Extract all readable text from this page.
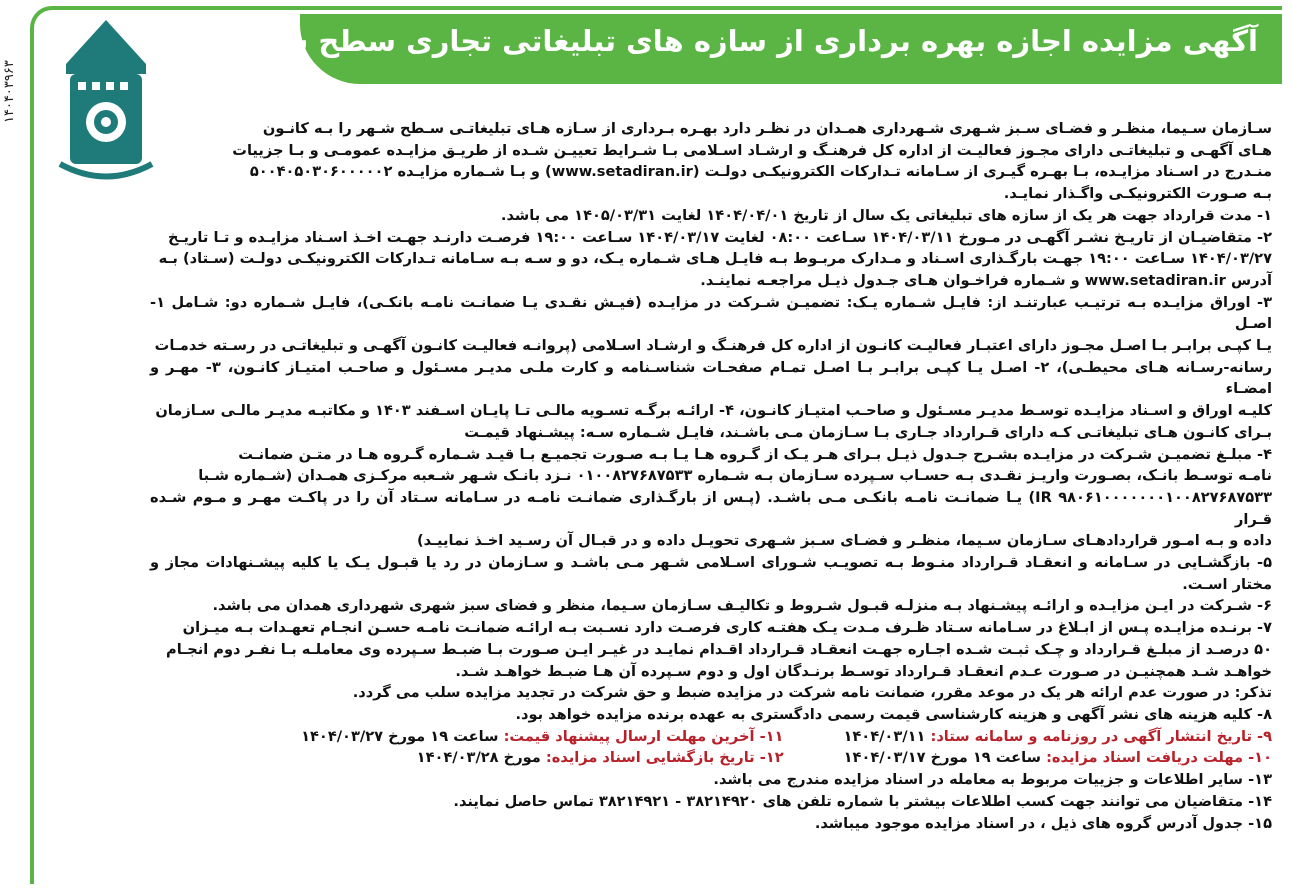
۱۴۰۴۰۳۹۶۳
آگهی مزایده اجازه بهره برداری از سازه های تبلیغاتی تجاری سطح شهر
سـازمان سـیما، منظـر و فضـای سـبز شـهری شـهرداری همـدان در نظـر دارد بهـره بـرداری از سـازه هـای تبلیغاتـی سـطح شـهر را بـه کانـون
هـای آگهـی و تبلیغاتـی دارای مجـوز فعالیـت از اداره کل فرهنـگ و ارشـاد اسـلامی بـا شـرایط تعییـن شـده از طریـق مزایـده عمومـی و بـا جزییات
منـدرج در اسـناد مزایـده، بـا بهـره گیـری از سـامانه تـدارکات الکترونیکـی دولـت (www.setadiran.ir) و بـا شـماره مزایـده ۵۰۰۴۰۵۰۳۰۶۰۰۰۰۰۲
بـه صـورت الکترونیکـی واگـذار نمایـد.
۱- مدت قرارداد جهت هر یک از سازه های تبلیغاتی یک سال از تاریخ ۱۴۰۴/۰۴/۰۱ لغایت ۱۴۰۵/۰۳/۳۱ می باشد.
۲- متقاضیـان از تاریـخ نشـر آگهـی در مـورخ ۱۴۰۴/۰۳/۱۱ سـاعت ۰۸:۰۰ لغایت ۱۴۰۴/۰۳/۱۷ سـاعت ۱۹:۰۰ فرصـت دارنـد جهـت اخـذ اسـناد مزایـده و تـا تاریـخ
۱۴۰۴/۰۳/۲۷ سـاعت ۱۹:۰۰ جهـت بارگـذاری اسـناد و مـدارک مربـوط بـه فایـل هـای شـماره یـک، دو و سـه بـه سـامانه تـدارکات الکترونیکـی دولـت (سـتاد) بـه
آدرس www.setadiran.ir و شـماره فراخـوان هـای جـدول ذیـل مراجعـه نماینـد.
۳- اوراق مزایـده بـه ترتیـب عبارتنـد از: فایـل شـماره یـک: تضمیـن شـرکت در مزایـده (فیـش نقـدی یـا ضمانـت نامـه بانکـی)، فایـل شـماره دو: شـامل ۱- اصـل
یـا کپـی برابـر بـا اصـل مجـوز دارای اعتبـار فعالیـت کانـون از اداره کل فرهنـگ و ارشـاد اسـلامی (پروانـه فعالیـت کانـون آگهـی و تبلیغاتـی در رسـته خدمـات
رسانه-رسـانه هـای محیطـی)، ۲- اصـل یـا کپـی برابـر بـا اصـل تمـام صفحـات شناسـنامه و کارت ملـی مدیـر مسـئول و صاحـب امتیـاز کانـون، ۳- مهـر و امضـاء
کلیـه اوراق و اسـناد مزایـده توسـط مدیـر مسـئول و صاحـب امتیـاز کانـون، ۴- ارائـه برگـه تسـویه مالـی تـا پایـان اسـفند ۱۴۰۳ و مکاتبـه مدیـر مالـی سـازمان
بـرای کانـون هـای تبلیغاتـی کـه دارای قـرارداد جـاری بـا سـازمان مـی باشـند، فایـل شـماره سـه: پیشـنهاد قیمـت
۴- مبلـغ تضمیـن شـرکت در مزایـده بشـرح جـدول ذیـل بـرای هـر یـک از گـروه هـا یـا بـه صـورت تجمیـع بـا قیـد شـماره گـروه هـا در متـن ضمانـت
نامـه توسـط بانـک، بصـورت واریـز نقـدی بـه حسـاب سـپرده سـازمان بـه شـماره ۰۱۰۰۸۲۷۶۸۷۵۳۳ نـزد بانـک شـهر شـعبه مرکـزی همـدان (شـماره شـبا
IR ۹۸۰۶۱۰۰۰۰۰۰۰۱۰۰۸۲۷۶۸۷۵۳۳) یـا ضمانـت نامـه بانکـی مـی باشـد. (پـس از بارگـذاری ضمانـت نامـه در سـامانه سـتاد آن را در پاکـت مهـر و مـوم شـده قـرار
داده و بـه امـور قراردادهـای سـازمان سـیما، منظـر و فضـای سـبز شـهری تحویـل داده و در قبـال آن رسـید اخـذ نماییـد)
۵- بازگشـایی در سـامانه و انعقـاد قـرارداد منـوط بـه تصویـب شـورای اسـلامی شـهر مـی باشـد و سـازمان در رد یا قبـول یـک یا کلیه پیشـنهادات مجاز و مختار اسـت.
۶- شـرکت در ایـن مزایـده و ارائـه پیشـنهاد بـه منزلـه قبـول شـروط و تکالیـف سـازمان سـیما، منظر و فضای سبز شهری شهرداری همدان می باشد.
۷- برنـده مزایـده پـس از ابـلاغ در سـامانه سـتاد ظـرف مـدت یـک هفتـه کاری فرصـت دارد نسـبت بـه ارائـه ضمانـت نامـه حسـن انجـام تعهـدات بـه میـزان
۵۰ درصـد از مبلـغ قـرارداد و چـک ثبـت شـده اجـاره جهـت انعقـاد قـرارداد اقـدام نمایـد در غیـر ایـن صـورت بـا ضبـط سـپرده وی معاملـه بـا نفـر دوم انجـام
خواهـد شـد همچنیـن در صـورت عـدم انعقـاد قـرارداد توسـط برنـدگان اول و دوم سـپرده آن هـا ضبـط خواهـد شـد.
تذکر: در صورت عدم ارائه هر یک در موعد مقرر، ضمانت نامه شرکت در مزایده ضبط و حق شرکت در تجدید مزایده سلب می گردد.
۸- کلیه هزینه های نشر آگهی و هزینه کارشناسی قیمت رسمی دادگستری به عهده برنده مزایده خواهد بود.
۹- تاریخ انتشار آگهی در روزنامه و سامانه ستاد: ۱۴۰۴/۰۳/۱۱
۱۱- آخرین مهلت ارسال پیشنهاد قیمت: ساعت ۱۹ مورخ ۱۴۰۴/۰۳/۲۷
۱۰- مهلت دریافت اسناد مزایده: ساعت ۱۹ مورخ ۱۴۰۴/۰۳/۱۷
۱۲- تاریخ بازگشایی اسناد مزایده: مورخ ۱۴۰۴/۰۳/۲۸
۱۳- سایر اطلاعات و جزییات مربوط به معامله در اسناد مزایده مندرج می باشد.
۱۴- متقاضیان می توانند جهت کسب اطلاعات بیشتر با شماره تلفن های ۳۸۲۱۴۹۲۰ - ۳۸۲۱۴۹۲۱ تماس حاصل نمایند.
۱۵- جدول آدرس گروه های ذیل ، در اسناد مزایده موجود میباشد.
